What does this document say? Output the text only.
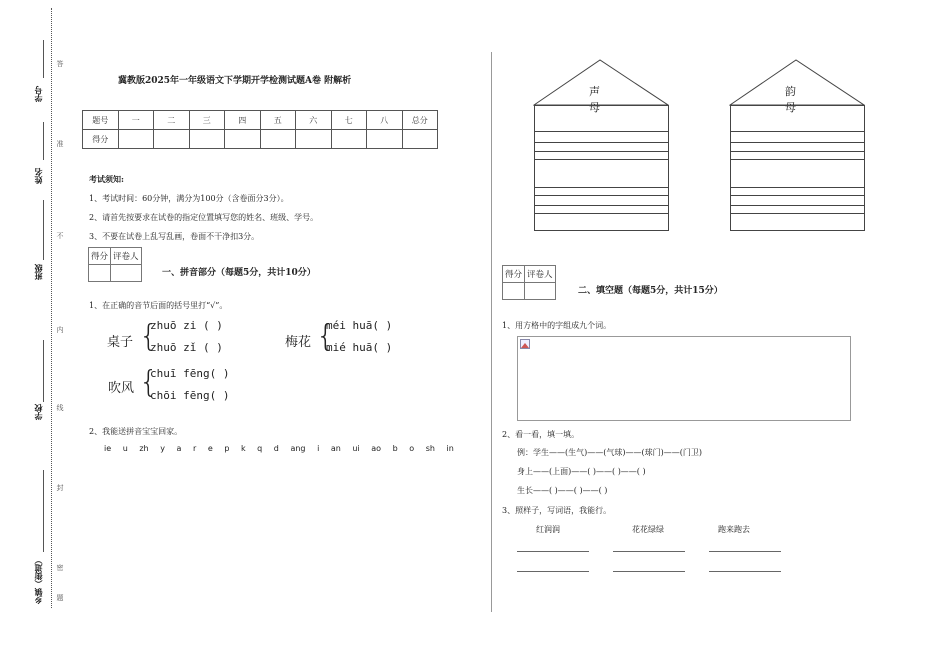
学号
姓名
班级
学校
乡镇（街道）
答
准
不
内
线
封
密
题
冀教版2025年一年级语文下学期开学检测试题A卷 附解析
题号	一	二	三	四	五	六	七	八	总分
得分									
考试须知:
1、考试时间：60分钟，满分为100分（含卷面分3分）。
2、请首先按要求在试卷的指定位置填写您的姓名、班级、学号。
3、不要在试卷上乱写乱画，卷面不干净扣3分。
得分	评卷人

一、拼音部分（每题5分，共计10分）
1、在正确的音节后面的括号里打“√”。
桌子 {
zhuō zi ( )
zhuō zǐ ( )	梅花 {
méi huā( )
mié huā( )
吹风 {
chuī fēng( )
chōi fēng( )
2、我能送拼音宝宝回家。
ie u zh y a r e p k q d ang i an ui ao b o sh in
声母
韵母
得分	评卷人

二、填空题（每题5分，共计15分）
1、用方格中的字组成九个词。
2、看一看，填一填。
例：学生——(生气)——(气球)——(球门)——(门卫)
身上——(上面)——( )——( )——( )
生长——( )——( )——( )
3、照样子，写词语，我能行。
红润润	花花绿绿	跑来跑去
